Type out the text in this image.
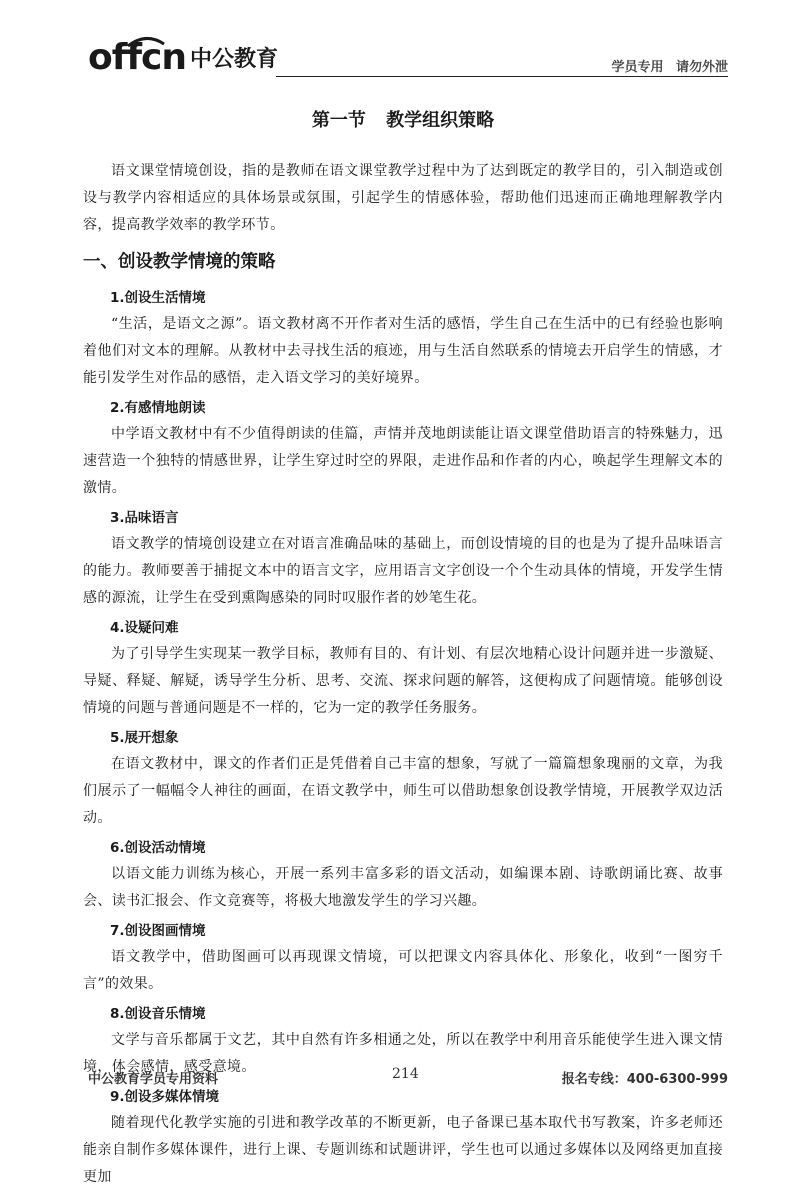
offcn 中公教育	学员专用 请勿外泄
第一节 教学组织策略

语文课堂情境创设，指的是教师在语文课堂教学过程中为了达到既定的教学目的，引入制造或创设与教学内容相适应的具体场景或氛围，引起学生的情感体验，帮助他们迅速而正确地理解教学内容，提高教学效率的教学环节。

一、创设教学情境的策略
1.创设生活情境

“生活，是语文之源”。语文教材离不开作者对生活的感悟，学生自己在生活中的已有经验也影响着他们对文本的理解。从教材中去寻找生活的痕迹，用与生活自然联系的情境去开启学生的情感，才能引发学生对作品的感悟，走入语文学习的美好境界。

2.有感情地朗读

中学语文教材中有不少值得朗读的佳篇，声情并茂地朗读能让语文课堂借助语言的特殊魅力，迅速营造一个独特的情感世界，让学生穿过时空的界限，走进作品和作者的内心，唤起学生理解文本的激情。

3.品味语言

语文教学的情境创设建立在对语言准确品味的基础上，而创设情境的目的也是为了提升品味语言的能力。教师要善于捕捉文本中的语言文字，应用语言文字创设一个个生动具体的情境，开发学生情感的源流，让学生在受到熏陶感染的同时叹服作者的妙笔生花。

4.设疑问难

为了引导学生实现某一教学目标，教师有目的、有计划、有层次地精心设计问题并进一步激疑、导疑、释疑、解疑，诱导学生分析、思考、交流、探求问题的解答，这便构成了问题情境。能够创设情境的问题与普通问题是不一样的，它为一定的教学任务服务。

5.展开想象

在语文教材中，课文的作者们正是凭借着自己丰富的想象，写就了一篇篇想象瑰丽的文章，为我们展示了一幅幅令人神往的画面，在语文教学中，师生可以借助想象创设教学情境，开展教学双边活动。

6.创设活动情境

以语文能力训练为核心，开展一系列丰富多彩的语文活动，如编课本剧、诗歌朗诵比赛、故事会、读书汇报会、作文竞赛等，将极大地激发学生的学习兴趣。

7.创设图画情境

语文教学中，借助图画可以再现课文情境，可以把课文内容具体化、形象化，收到“一图穷千言”的效果。

8.创设音乐情境

文学与音乐都属于文艺，其中自然有许多相通之处，所以在教学中利用音乐能使学生进入课文情境，体会感情，感受意境。

9.创设多媒体情境

随着现代化教学实施的引进和教学改革的不断更新，电子备课已基本取代书写教案，许多老师还能亲自制作多媒体课件，进行上课、专题训练和试题讲评，学生也可以通过多媒体以及网络更加直接更加

中公教育学员专用资料	214	报名专线：400-6300-999
